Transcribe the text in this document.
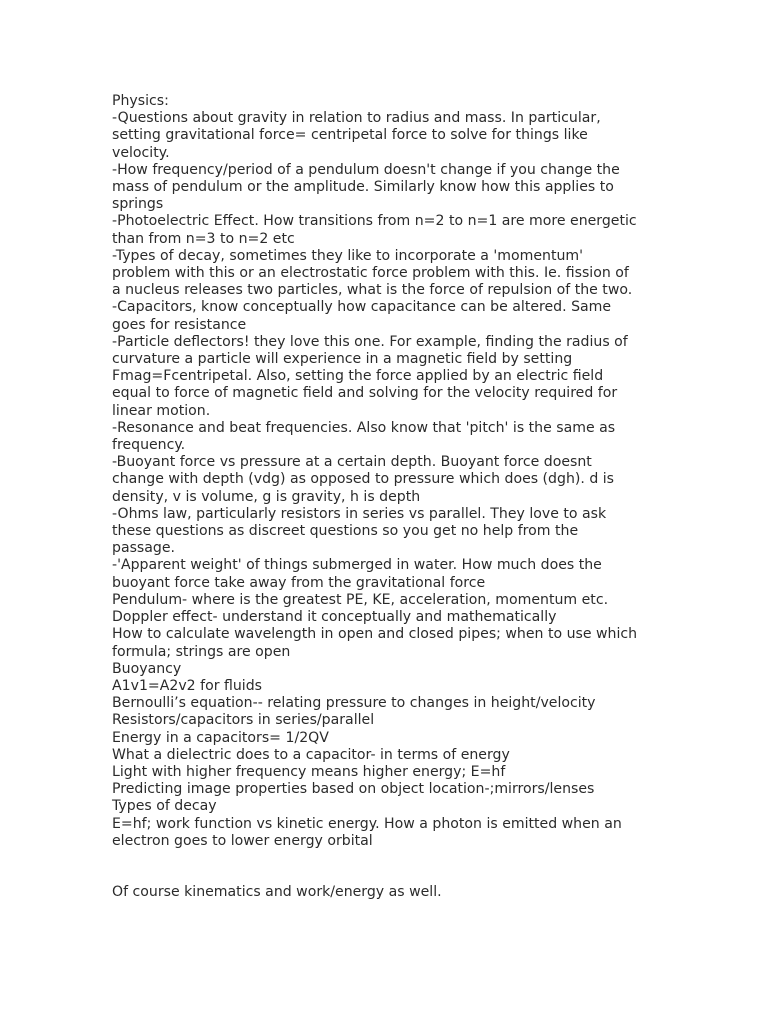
Physics:
-Questions about gravity in relation to radius and mass. In particular,
setting gravitational force= centripetal force to solve for things like
velocity.
-How frequency/period of a pendulum doesn't change if you change the
mass of pendulum or the amplitude. Similarly know how this applies to
springs
-Photoelectric Effect. How transitions from n=2 to n=1 are more energetic
than from n=3 to n=2 etc
-Types of decay, sometimes they like to incorporate a 'momentum'
problem with this or an electrostatic force problem with this. Ie. fission of
a nucleus releases two particles, what is the force of repulsion of the two.
-Capacitors, know conceptually how capacitance can be altered. Same
goes for resistance
-Particle deflectors! they love this one. For example, finding the radius of
curvature a particle will experience in a magnetic field by setting
Fmag=Fcentripetal. Also, setting the force applied by an electric field
equal to force of magnetic field and solving for the velocity required for
linear motion.
-Resonance and beat frequencies. Also know that 'pitch' is the same as
frequency.
-Buoyant force vs pressure at a certain depth. Buoyant force doesnt
change with depth (vdg) as opposed to pressure which does (dgh). d is
density, v is volume, g is gravity, h is depth
-Ohms law, particularly resistors in series vs parallel. They love to ask
these questions as discreet questions so you get no help from the
passage.
-'Apparent weight' of things submerged in water. How much does the
buoyant force take away from the gravitational force
Pendulum- where is the greatest PE, KE, acceleration, momentum etc.
Doppler effect- understand it conceptually and mathematically
How to calculate wavelength in open and closed pipes; when to use which
formula; strings are open
Buoyancy
A1v1=A2v2 for fluids
Bernoulli’s equation-- relating pressure to changes in height/velocity
Resistors/capacitors in series/parallel
Energy in a capacitors= 1/2QV
What a dielectric does to a capacitor- in terms of energy
Light with higher frequency means higher energy; E=hf
Predicting image properties based on object location-;mirrors/lenses
Types of decay
E=hf; work function vs kinetic energy. How a photon is emitted when an
electron goes to lower energy orbital
Of course kinematics and work/energy as well.
